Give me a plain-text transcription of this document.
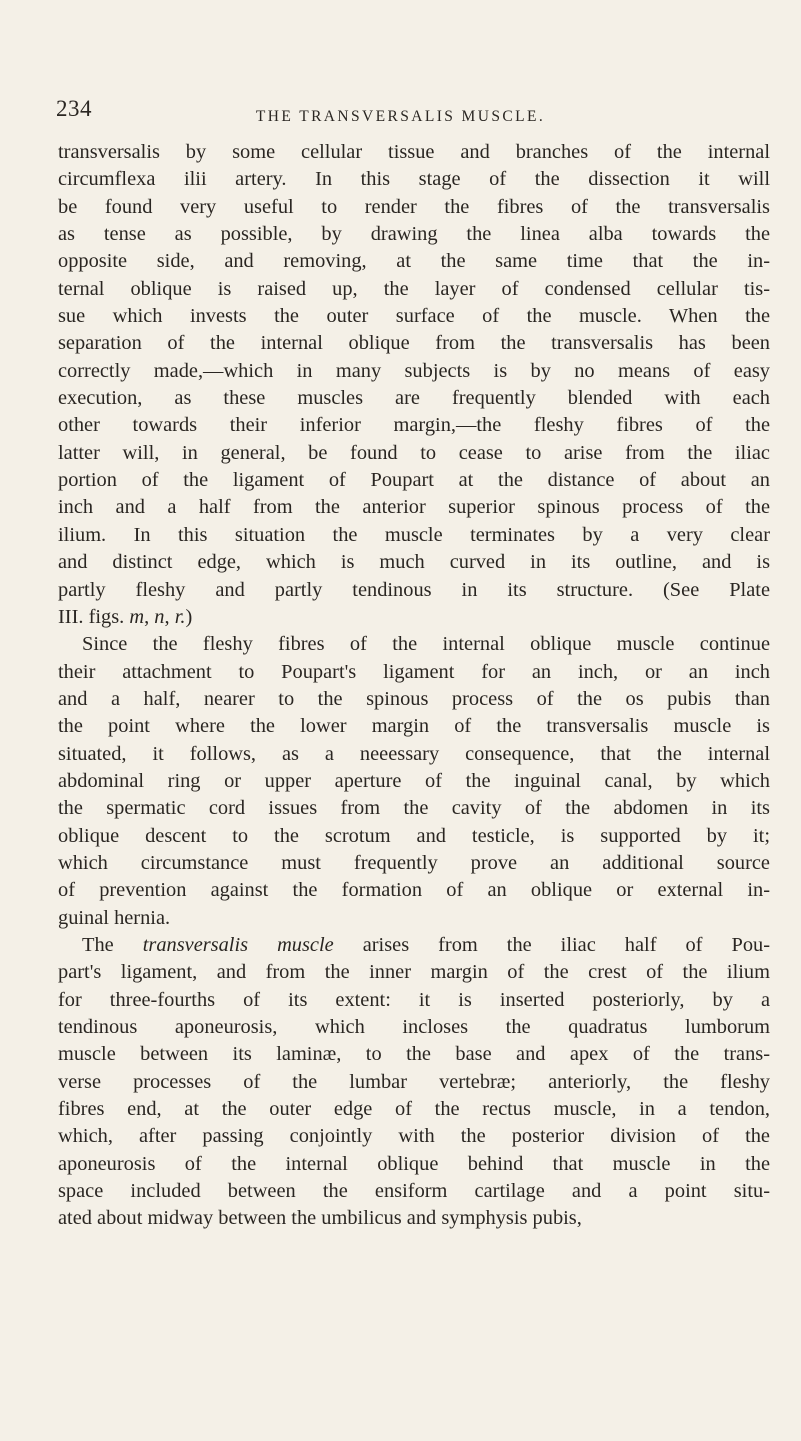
234	THE TRANSVERSALIS MUSCLE.
transversalis by some cellular tissue and branches of the internal
circumflexa ilii artery. In this stage of the dissection it will
be found very useful to render the fibres of the transversalis
as tense as possible, by drawing the linea alba towards the
opposite side, and removing, at the same time that the in-
ternal oblique is raised up, the layer of condensed cellular tis-
sue which invests the outer surface of the muscle. When the
separation of the internal oblique from the transversalis has been
correctly made,—which in many subjects is by no means of easy
execution, as these muscles are frequently blended with each
other towards their inferior margin,—the fleshy fibres of the
latter will, in general, be found to cease to arise from the iliac
portion of the ligament of Poupart at the distance of about an
inch and a half from the anterior superior spinous process of the
ilium. In this situation the muscle terminates by a very clear
and distinct edge, which is much curved in its outline, and is
partly fleshy and partly tendinous in its structure. (See Plate
III. figs. m, n, r.)
Since the fleshy fibres of the internal oblique muscle continue
their attachment to Poupart's ligament for an inch, or an inch
and a half, nearer to the spinous process of the os pubis than
the point where the lower margin of the transversalis muscle is
situated, it follows, as a neeessary consequence, that the internal
abdominal ring or upper aperture of the inguinal canal, by which
the spermatic cord issues from the cavity of the abdomen in its
oblique descent to the scrotum and testicle, is supported by it;
which circumstance must frequently prove an additional source
of prevention against the formation of an oblique or external in-
guinal hernia.
The transversalis muscle arises from the iliac half of Pou-
part's ligament, and from the inner margin of the crest of the ilium
for three-fourths of its extent: it is inserted posteriorly, by a
tendinous aponeurosis, which incloses the quadratus lumborum
muscle between its laminæ, to the base and apex of the trans-
verse processes of the lumbar vertebræ; anteriorly, the fleshy
fibres end, at the outer edge of the rectus muscle, in a tendon,
which, after passing conjointly with the posterior division of the
aponeurosis of the internal oblique behind that muscle in the
space included between the ensiform cartilage and a point situ-
ated about midway between the umbilicus and symphysis pubis,
